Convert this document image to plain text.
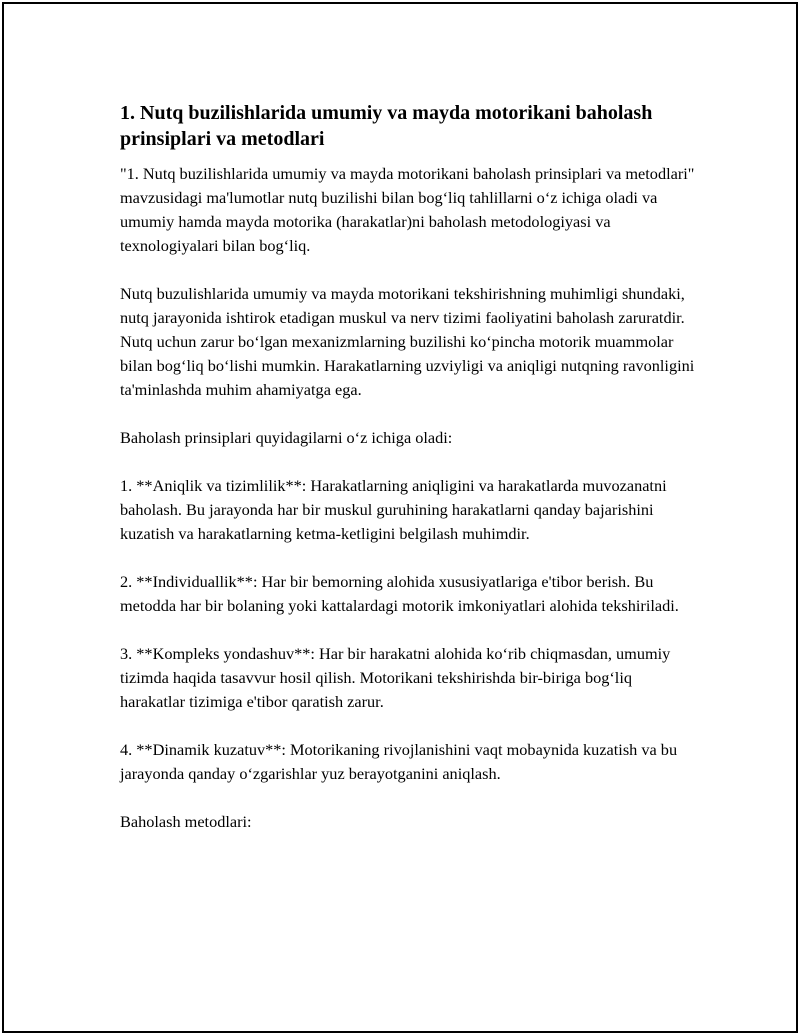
1. Nutq buzilishlarida umumiy va mayda motorikani baholash prinsiplari va metodlari

"1. Nutq buzilishlarida umumiy va mayda motorikani baholash prinsiplari va metodlari" mavzusidagi ma'lumotlar nutq buzilishi bilan bog‘liq tahlillarni o‘z ichiga oladi va umumiy hamda mayda motorika (harakatlar)ni baholash metodologiyasi va texnologiyalari bilan bog‘liq.

Nutq buzulishlarida umumiy va mayda motorikani tekshirishning muhimligi shundaki, nutq jarayonida ishtirok etadigan muskul va nerv tizimi faoliyatini baholash zaruratdir. Nutq uchun zarur bo‘lgan mexanizmlarning buzilishi ko‘pincha motorik muammolar bilan bog‘liq bo‘lishi mumkin. Harakatlarning uzviyligi va aniqligi nutqning ravonligini ta'minlashda muhim ahamiyatga ega.

Baholash prinsiplari quyidagilarni o‘z ichiga oladi:

1. **Aniqlik va tizimlilik**: Harakatlarning aniqligini va harakatlarda muvozanatni baholash. Bu jarayonda har bir muskul guruhining harakatlarni qanday bajarishini kuzatish va harakatlarning ketma-ketligini belgilash muhimdir.

2. **Individuallik**: Har bir bemorning alohida xususiyatlariga e'tibor berish. Bu metodda har bir bolaning yoki kattalardagi motorik imkoniyatlari alohida tekshiriladi.

3. **Kompleks yondashuv**: Har bir harakatni alohida ko‘rib chiqmasdan, umumiy tizimda haqida tasavvur hosil qilish. Motorikani tekshirishda bir-biriga bog‘liq harakatlar tizimiga e'tibor qaratish zarur.

4. **Dinamik kuzatuv**: Motorikaning rivojlanishini vaqt mobaynida kuzatish va bu jarayonda qanday o‘zgarishlar yuz berayotganini aniqlash.

Baholash metodlari:
